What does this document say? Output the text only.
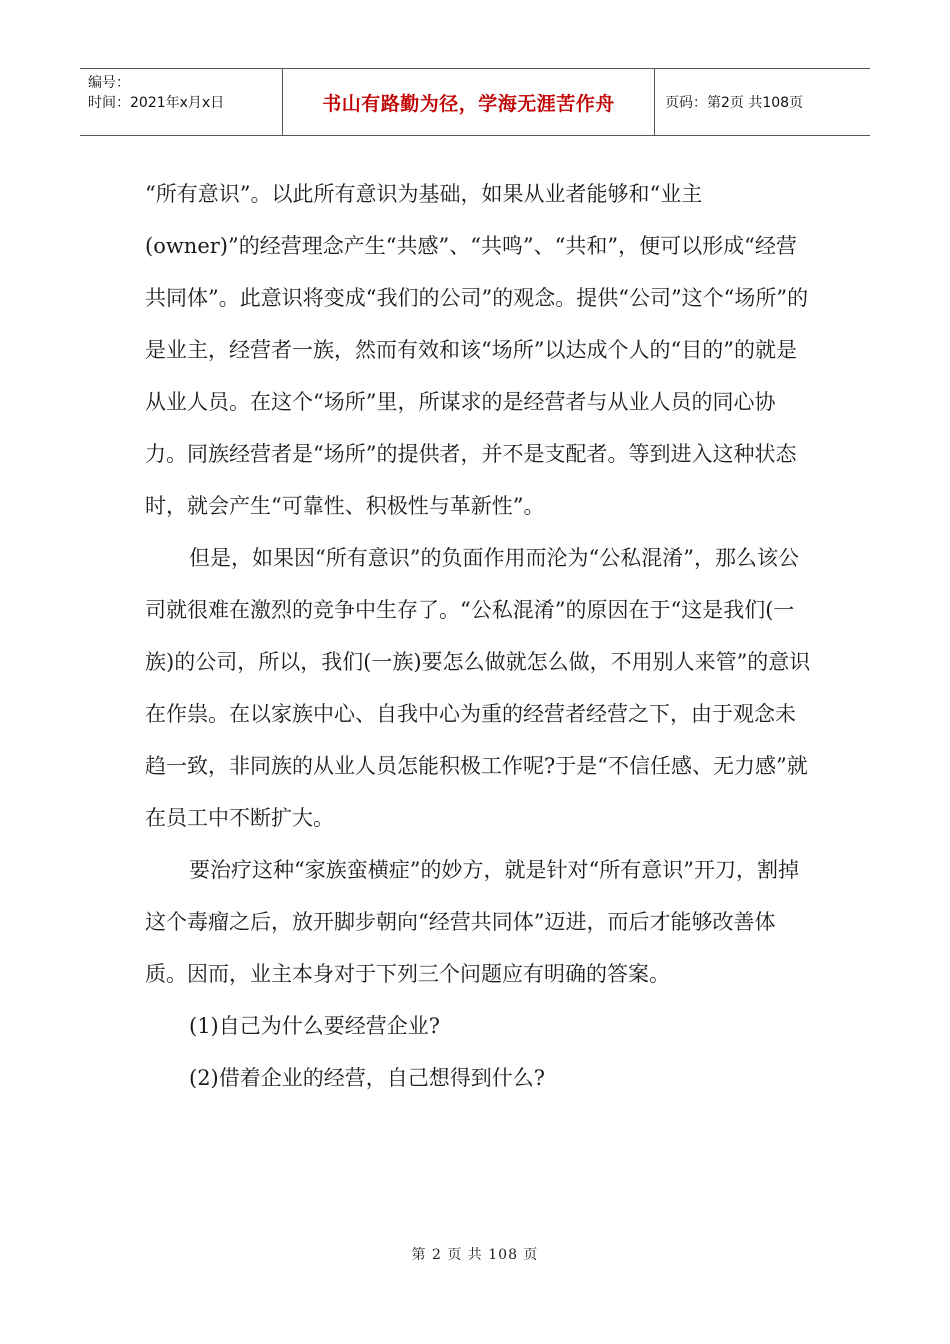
编号：
时间：2021年x月x日	书山有路勤为径，学海无涯苦作舟	页码：第2页 共108页

“所有意识”。以此所有意识为基础，如果从业者能够和“业主(owner)”的经营理念产生“共感”、“共鸣”、“共和”，便可以形成“经营共同体”。此意识将变成“我们的公司”的观念。提供“公司”这个“场所”的是业主，经营者一族，然而有效和该“场所”以达成个人的“目的”的就是从业人员。在这个“场所”里，所谋求的是经营者与从业人员的同心协力。同族经营者是“场所”的提供者，并不是支配者。等到进入这种状态时，就会产生“可靠性、积极性与革新性”。

但是，如果因“所有意识”的负面作用而沦为“公私混淆”，那么该公司就很难在激烈的竞争中生存了。“公私混淆”的原因在于“这是我们(一族)的公司，所以，我们(一族)要怎么做就怎么做，不用别人来管”的意识在作祟。在以家族中心、自我中心为重的经营者经营之下，由于观念未趋一致，非同族的从业人员怎能积极工作呢?于是“不信任感、无力感”就在员工中不断扩大。

要治疗这种“家族蛮横症”的妙方，就是针对“所有意识”开刀，割掉这个毒瘤之后，放开脚步朝向“经营共同体”迈进，而后才能够改善体质。因而，业主本身对于下列三个问题应有明确的答案。

(1)自己为什么要经营企业?

(2)借着企业的经营，自己想得到什么?

第 2 页 共 108 页
